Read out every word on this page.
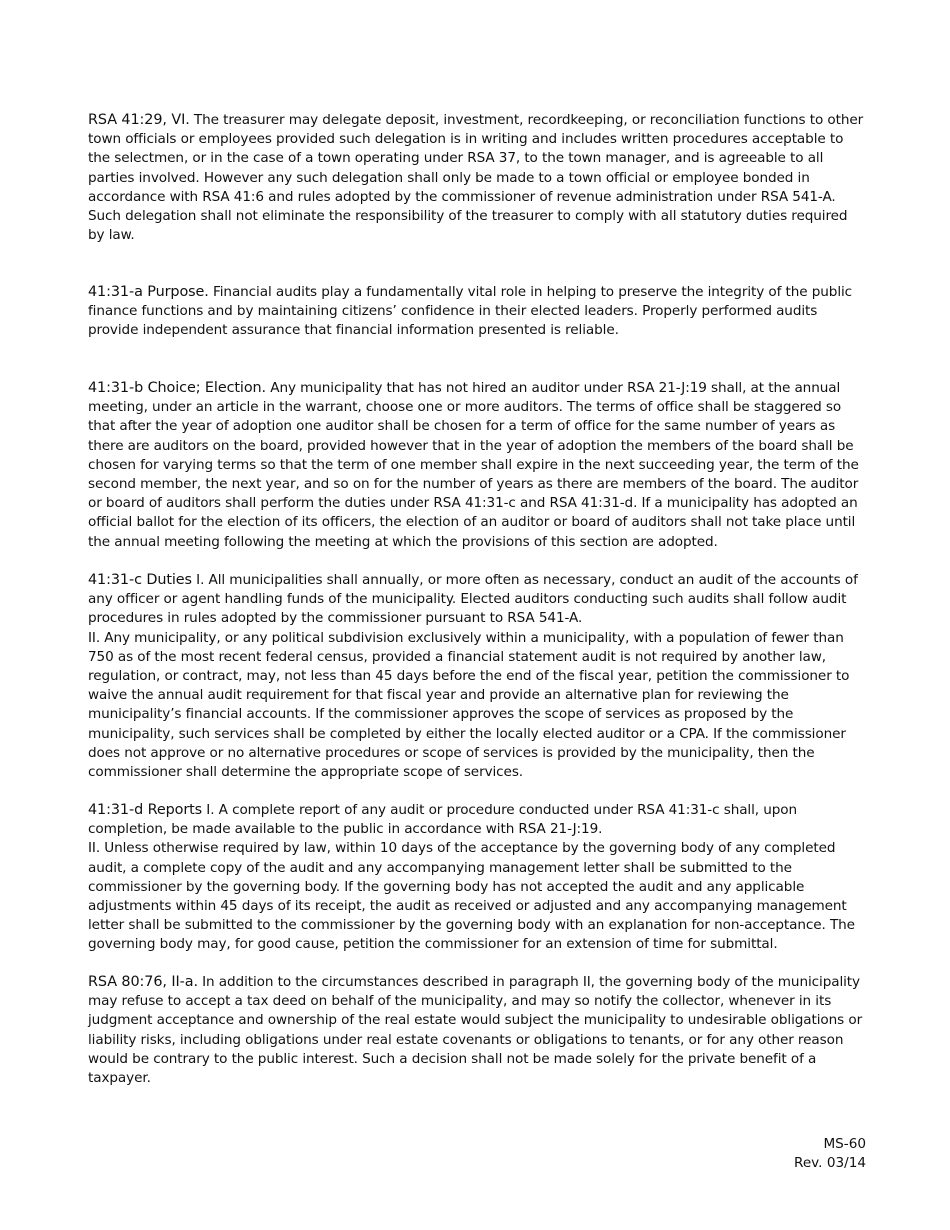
RSA 41:29, VI. The treasurer may delegate deposit, investment, recordkeeping, or reconciliation functions to other town officials or employees provided such delegation is in writing and includes written procedures acceptable to the selectmen, or in the case of a town operating under RSA 37, to the town manager, and is agreeable to all parties involved. However any such delegation shall only be made to a town official or employee bonded in accordance with RSA 41:6 and rules adopted by the commissioner of revenue administration under RSA 541-A. Such delegation shall not eliminate the responsibility of the treasurer to comply with all statutory duties required by law.
41:31-a Purpose. Financial audits play a fundamentally vital role in helping to preserve the integrity of the public finance functions and by maintaining citizens’ confidence in their elected leaders. Properly performed audits provide independent assurance that financial information presented is reliable.
41:31-b Choice; Election. Any municipality that has not hired an auditor under RSA 21-J:19 shall, at the annual meeting, under an article in the warrant, choose one or more auditors. The terms of office shall be staggered so that after the year of adoption one auditor shall be chosen for a term of office for the same number of years as there are auditors on the board, provided however that in the year of adoption the members of the board shall be chosen for varying terms so that the term of one member shall expire in the next succeeding year, the term of the second member, the next year, and so on for the number of years as there are members of the board. The auditor or board of auditors shall perform the duties under RSA 41:31-c and RSA 41:31-d. If a municipality has adopted an official ballot for the election of its officers, the election of an auditor or board of auditors shall not take place until the annual meeting following the meeting at which the provisions of this section are adopted.
41:31-c Duties I. All municipalities shall annually, or more often as necessary, conduct an audit of the accounts of any officer or agent handling funds of the municipality. Elected auditors conducting such audits shall follow audit procedures in rules adopted by the commissioner pursuant to RSA 541-A.
II. Any municipality, or any political subdivision exclusively within a municipality, with a population of fewer than 750 as of the most recent federal census, provided a financial statement audit is not required by another law, regulation, or contract, may, not less than 45 days before the end of the fiscal year, petition the commissioner to waive the annual audit requirement for that fiscal year and provide an alternative plan for reviewing the municipality’s financial accounts. If the commissioner approves the scope of services as proposed by the municipality, such services shall be completed by either the locally elected auditor or a CPA. If the commissioner does not approve or no alternative procedures or scope of services is provided by the municipality, then the commissioner shall determine the appropriate scope of services.
41:31-d Reports I. A complete report of any audit or procedure conducted under RSA 41:31-c shall, upon completion, be made available to the public in accordance with RSA 21-J:19.
II. Unless otherwise required by law, within 10 days of the acceptance by the governing body of any completed audit, a complete copy of the audit and any accompanying management letter shall be submitted to the commissioner by the governing body. If the governing body has not accepted the audit and any applicable adjustments within 45 days of its receipt, the audit as received or adjusted and any accompanying management letter shall be submitted to the commissioner by the governing body with an explanation for non-acceptance. The governing body may, for good cause, petition the commissioner for an extension of time for submittal.
RSA 80:76, II-a. In addition to the circumstances described in paragraph II, the governing body of the municipality may refuse to accept a tax deed on behalf of the municipality, and may so notify the collector, whenever in its judgment acceptance and ownership of the real estate would subject the municipality to undesirable obligations or liability risks, including obligations under real estate covenants or obligations to tenants, or for any other reason would be contrary to the public interest. Such a decision shall not be made solely for the private benefit of a taxpayer.
MS-60
Rev. 03/14
